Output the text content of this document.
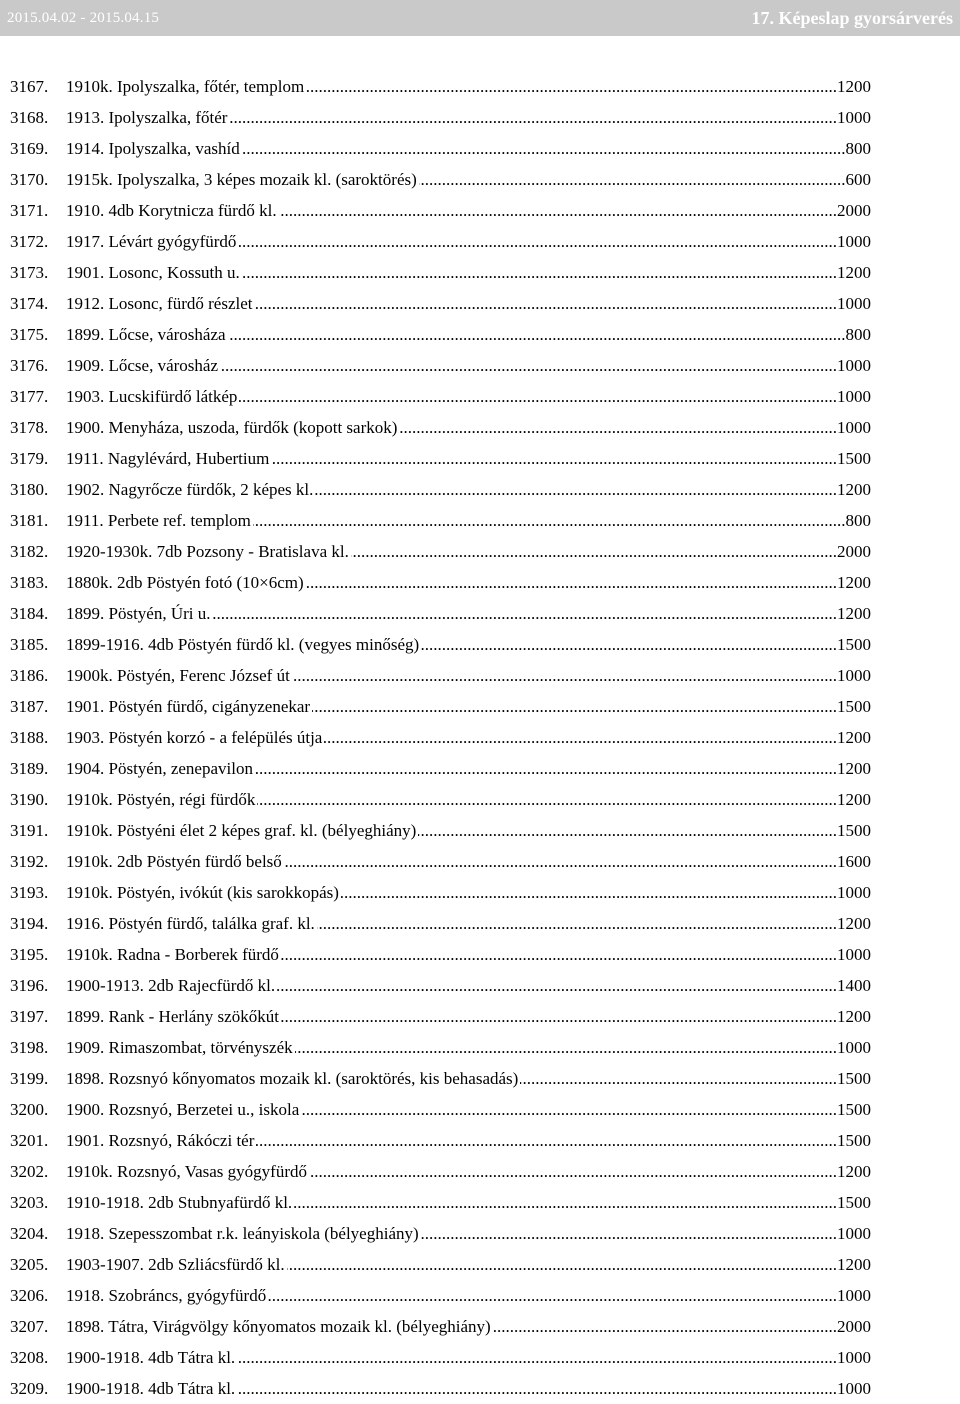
2015.04.02 - 2015.04.15	17. Képeslap gyorsárverés
3167. ..... 1910k. Ipolyszalka, főtér, templom	1200
3168. ..... 1913. Ipolyszalka, főtér	1000
3169. ..... 1914. Ipolyszalka, vashíd	800
3170. ..... 1915k. Ipolyszalka, 3 képes mozaik kl. (saroktörés)	600
3171. ..... 1910. 4db Korytnicza fürdő kl.	2000
3172. ..... 1917. Lévárt gyógyfürdő	1000
3173. ..... 1901. Losonc, Kossuth u.	1200
3174. ..... 1912. Losonc, fürdő részlet	1000
3175. ..... 1899. Lőcse, városháza	800
3176. ..... 1909. Lőcse, városház	1000
3177. ..... 1903. Lucskifürdő látkép	1000
3178. ..... 1900. Menyháza, uszoda, fürdők (kopott sarkok)	1000
3179. ..... 1911. Nagylévárd, Hubertium	1500
3180. ..... 1902. Nagyrőcze fürdők, 2 képes kl.	1200
3181. ..... 1911. Perbete ref. templom	800
3182. ..... 1920-1930k. 7db Pozsony - Bratislava kl.	2000
3183. ..... 1880k. 2db Pöstyén fotó (10×6cm)	1200
3184. ..... 1899. Pöstyén, Úri u.	1200
3185. ..... 1899-1916. 4db Pöstyén fürdő kl. (vegyes minőség)	1500
3186. ..... 1900k. Pöstyén, Ferenc József út	1000
3187. ..... 1901. Pöstyén fürdő, cigányzenekar	1500
3188. ..... 1903. Pöstyén korzó - a felépülés útja	1200
3189. ..... 1904. Pöstyén, zenepavilon	1200
3190. ..... 1910k. Pöstyén, régi fürdők	1200
3191. ..... 1910k. Pöstyéni élet 2 képes graf. kl. (bélyeghiány)	1500
3192. ..... 1910k. 2db Pöstyén fürdő belső	1600
3193. ..... 1910k. Pöstyén, ivókút (kis sarokkopás)	1000
3194. ..... 1916. Pöstyén fürdő, találka graf. kl.	1200
3195. ..... 1910k. Radna - Borberek fürdő	1000
3196. ..... 1900-1913. 2db Rajecfürdő kl.	1400
3197. ..... 1899. Rank - Herlány szökőkút	1200
3198. ..... 1909. Rimaszombat, törvényszék	1000
3199. ..... 1898. Rozsnyó kőnyomatos mozaik kl. (saroktörés, kis behasadás)	1500
3200. ..... 1900. Rozsnyó, Berzetei u., iskola	1500
3201. ..... 1901. Rozsnyó, Rákóczi tér	1500
3202. ..... 1910k. Rozsnyó, Vasas gyógyfürdő	1200
3203. ..... 1910-1918. 2db Stubnyafürdő kl.	1500
3204. ..... 1918. Szepesszombat r.k. leányiskola (bélyeghiány)	1000
3205. ..... 1903-1907. 2db Szliácsfürdő kl.	1200
3206. ..... 1918. Szobráncs, gyógyfürdő	1000
3207. ..... 1898. Tátra, Virágvölgy kőnyomatos mozaik kl. (bélyeghiány)	2000
3208. ..... 1900-1918. 4db Tátra kl.	1000
3209. ..... 1900-1918. 4db Tátra kl.	1000
